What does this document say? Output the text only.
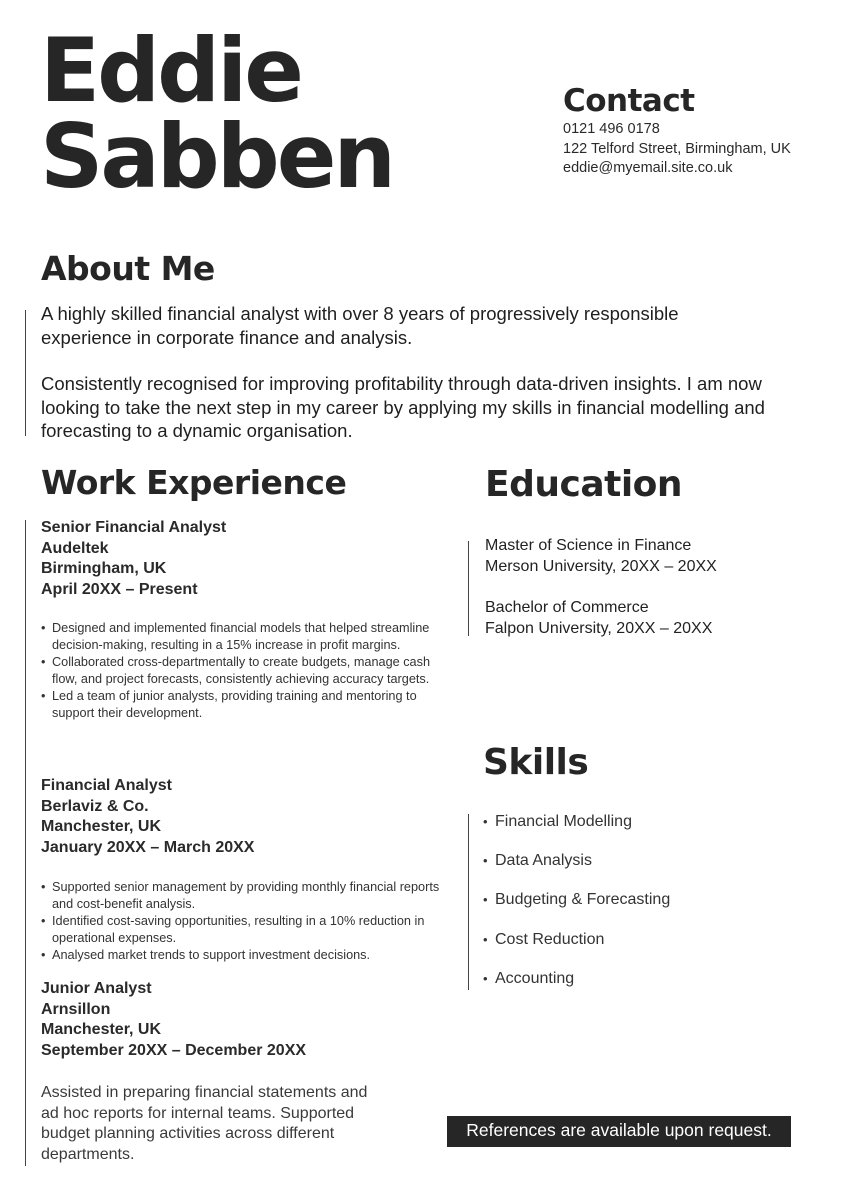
Eddie
Sabben
Contact
0121 496 0178
122 Telford Street, Birmingham, UK
eddie@myemail.site.co.uk
About Me

A highly skilled financial analyst with over 8 years of progressively responsible experience in corporate finance and analysis.

Consistently recognised for improving profitability through data-driven insights. I am now looking to take the next step in my career by applying my skills in financial modelling and forecasting to a dynamic organisation.

Work Experience
Senior Financial Analyst
Audeltek
Birmingham, UK
April 20XX – Present
• Designed and implemented financial models that helped streamline decision-making, resulting in a 15% increase in profit margins.
• Collaborated cross-departmentally to create budgets, manage cash flow, and project forecasts, consistently achieving accuracy targets.
• Led a team of junior analysts, providing training and mentoring to support their development.
Financial Analyst
Berlaviz & Co.
Manchester, UK
January 20XX – March 20XX
• Supported senior management by providing monthly financial reports and cost-benefit analysis.
• Identified cost-saving opportunities, resulting in a 10% reduction in operational expenses.
• Analysed market trends to support investment decisions.
Junior Analyst
Arnsillon
Manchester, UK
September 20XX – December 20XX
Assisted in preparing financial statements and ad hoc reports for internal teams. Supported budget planning activities across different departments.
Education
Master of Science in Finance
Merson University, 20XX – 20XX
Bachelor of Commerce
Falpon University, 20XX – 20XX
Skills
• Financial Modelling
• Data Analysis
• Budgeting & Forecasting
• Cost Reduction
• Accounting
References are available upon request.
